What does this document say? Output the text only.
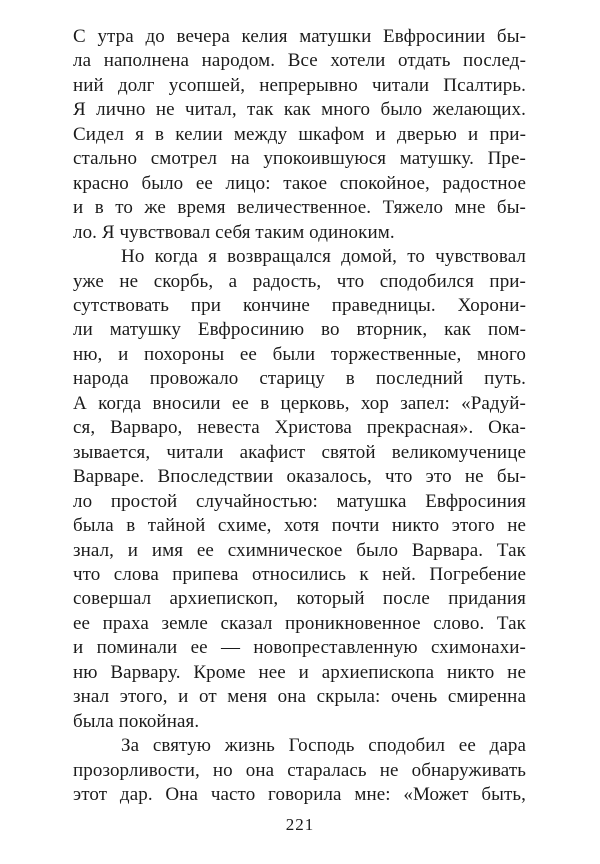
С утра до вечера келия матушки Евфросинии бы-
ла наполнена народом. Все хотели отдать послед-
ний долг усопшей, непрерывно читали Псалтирь.
Я лично не читал, так как много было желающих.
Сидел я в келии между шкафом и дверью и при-
стально смотрел на упокоившуюся матушку. Пре-
красно было ее лицо: такое спокойное, радостное
и в то же время величественное. Тяжело мне бы-
ло. Я чувствовал себя таким одиноким.
Но когда я возвращался домой, то чувствовал
уже не скорбь, а радость, что сподобился при-
сутствовать при кончине праведницы. Хорони-
ли матушку Евфросинию во вторник, как пом-
ню, и похороны ее были торжественные, много
народа провожало старицу в последний путь.
А когда вносили ее в церковь, хор запел: «Радуй-
ся, Варваро, невеста Христова прекрасная». Ока-
зывается, читали акафист святой великомученице
Варваре. Впоследствии оказалось, что это не бы-
ло простой случайностью: матушка Евфросиния
была в тайной схиме, хотя почти никто этого не
знал, и имя ее схимническое было Варвара. Так
что слова припева относились к ней. Погребение
совершал архиепископ, который после придания
ее праха земле сказал проникновенное слово. Так
и поминали ее — новопреставленную схимонахи-
ню Варвару. Кроме нее и архиепископа никто не
знал этого, и от меня она скрыла: очень смиренна
была покойная.
За святую жизнь Господь сподобил ее дара
прозорливости, но она старалась не обнаруживать
этот дар. Она часто говорила мне: «Может быть,
221
